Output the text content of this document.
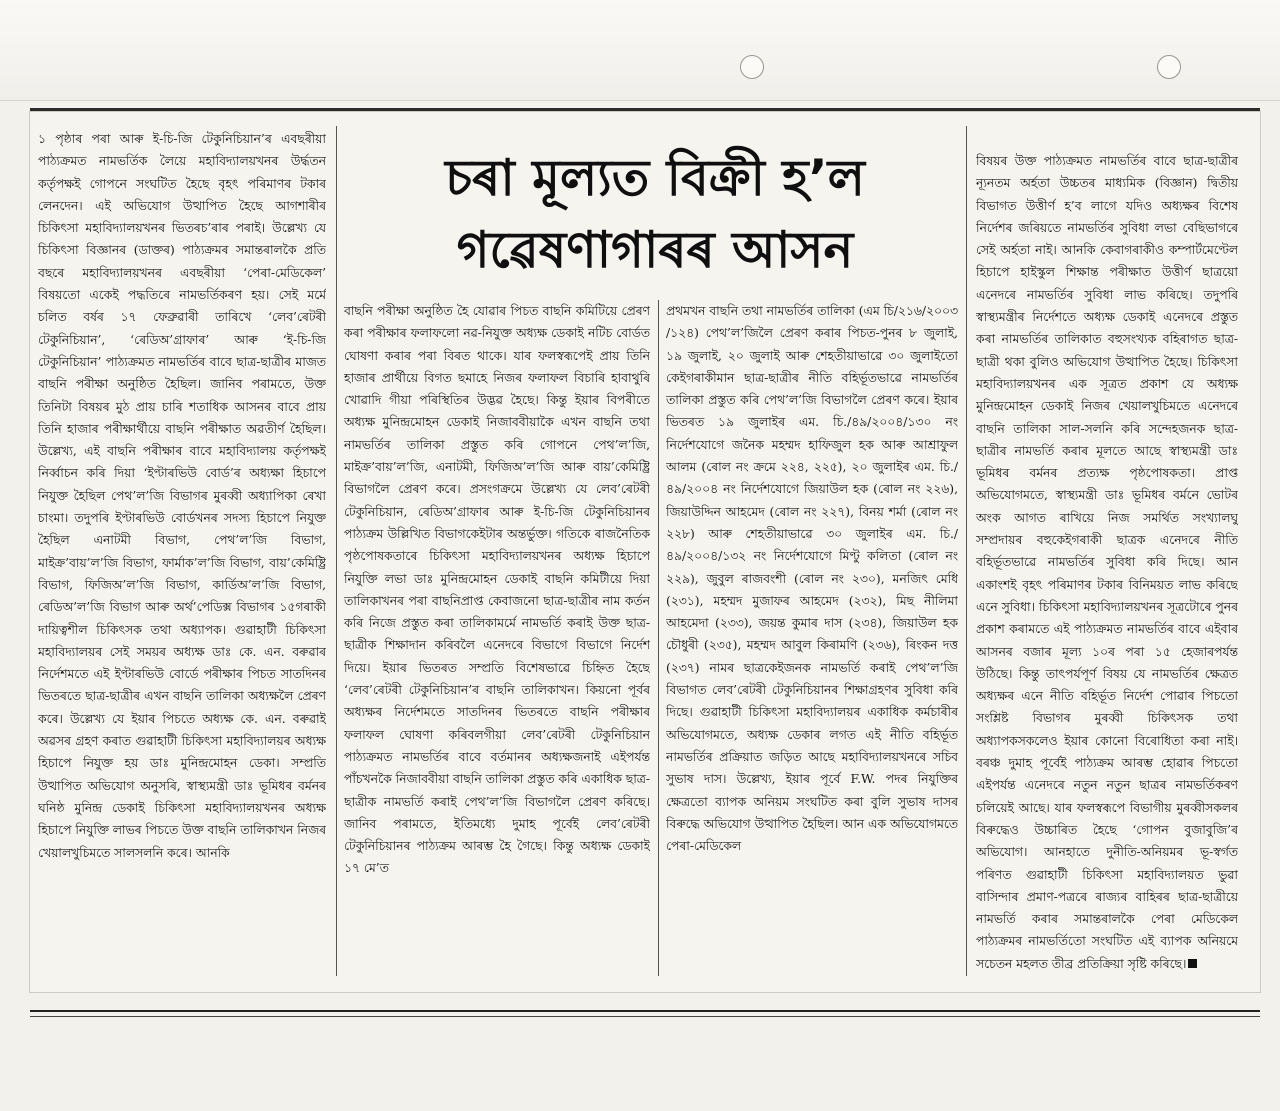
চৰা মূল্যত বিক্ৰী হ’ল
গৱেষণাগাৰৰ আসন

১ পৃষ্ঠাৰ পৰা আৰু ই-চি-জি টেকুনিচিয়ান’ৰ এবছৰীয়া পাঠ্যক্ৰমত নামভৰ্তিক লৈয়ে মহাবিদ্যালয়খনৰ উৰ্দ্ধতন কৰ্তৃপক্ষই গোপনে সংঘটিত হৈছে বৃহৎ পৰিমাণৰ টকাৰ লেনদেন। এই অভিযোগ উত্থাপিত হৈছে আগশাৰীৰ চিকিৎসা মহাবিদ্যালয়খনৰ ভিতৰচ’ৰাৰ পৰাই। উল্লেখ্য যে চিকিৎসা বিজ্ঞানৰ (ডাক্তৰ) পাঠ্যক্ৰমৰ সমান্তৰালকৈ প্ৰতি বছৰে মহাবিদ্যালয়খনৰ এবছৰীয়া ‘পেৰা-মেডিকেল’ বিষয়তো একেই পদ্ধতিৰে নামভৰ্তিকৰণ হয়। সেই মৰ্মে চলিত বৰ্ষৰ ১৭ ফেব্ৰুৱাৰী তাৰিখে ‘লেব’ৰেটৰী টেকুনিচিয়ান’, ‘ৰেডিঅ’গ্ৰাফাৰ’ আৰু ‘ই-চি-জি টেকুনিচিয়ান’ পাঠ্যক্ৰমত নামভৰ্তিৰ বাবে ছাত্ৰ-ছাত্ৰীৰ মাজত বাছনি পৰীক্ষা অনুষ্ঠিত হৈছিল। জানিব পৰামতে, উক্ত তিনিটা বিষয়ৰ মুঠ প্ৰায় চাৰি শতাধিক আসনৰ বাবে প্ৰায় তিনি হাজাৰ পৰীক্ষাৰ্থীয়ে বাছনি পৰীক্ষাত অৱতীৰ্ণ হৈছিল। উল্লেখ্য, এই বাছনি পৰীক্ষাৰ বাবে মহাবিদ্যালয় কৰ্তৃপক্ষই নিৰ্ব্বাচন কৰি দিয়া ‘ইণ্টাৰভিউ বোৰ্ড’ৰ অধ্যক্ষা হিচাপে নিযুক্ত হৈছিল পেথ’ল’জি বিভাগৰ মুৰব্বী অধ্যাপিকা ৰেখা চাংমা। তদুপৰি ইণ্টাৰভিউ বোৰ্ডখনৰ সদস্য হিচাপে নিযুক্ত হৈছিল এনাটমী বিভাগ, পেথ’ল’জি বিভাগ, মাইক্ৰ’বায়’ল’জি বিভাগ, ফাৰ্মাক’ল’জি বিভাগ, বায়’কেমিষ্ট্ৰি বিভাগ, ফিজিঅ’ল’জি বিভাগ, কাৰ্ডিঅ’ল’জি বিভাগ, ৰেডিঅ’ল’জি বিভাগ আৰু অৰ্থ’পেডিক্স বিভাগৰ ১৫গৰাকী দায়িত্বশীল চিকিৎসক তথা অধ্যাপক। গুৱাহাটী চিকিৎসা মহাবিদ্যালয়ৰ সেই সময়ৰ অধ্যক্ষ ডাঃ কে. এন. বৰুৱাৰ নিৰ্দেশমতে এই ইণ্টাৰভিউ বোৰ্ডে পৰীক্ষাৰ পিচত সাতদিনৰ ভিতৰতে ছাত্ৰ-ছাত্ৰীৰ এখন বাছনি তালিকা অধ্যক্ষলৈ প্ৰেৰণ কৰে। উল্লেখ্য যে ইয়াৰ পিচতে অধ্যক্ষ কে. এন. বৰুৱাই অৱসৰ গ্ৰহণ কৰাত গুৱাহাটী চিকিৎসা মহাবিদ্যালয়ৰ অধ্যক্ষ হিচাপে নিযুক্ত হয় ডাঃ মুনিন্দ্ৰমোহন ডেকা। সম্প্ৰতি উত্থাপিত অভিযোগ অনুসৰি, স্বাস্থ্যমন্ত্ৰী ডাঃ ভূমিধৰ বৰ্মনৰ ঘনিষ্ঠ মুনিন্দ্ৰ ডেকাই চিকিৎসা মহাবিদ্যালয়খনৰ অধ্যক্ষ হিচাপে নিযুক্তি লাভৰ পিচতে উক্ত বাছনি তালিকাখন নিজৰ খেয়ালখুচিমতে সালসলনি কৰে। আনকি

বাছনি পৰীক্ষা অনুষ্ঠিত হৈ যোৱাৰ পিচত বাছনি কমিটিয়ে প্ৰেৰণ কৰা পৰীক্ষাৰ ফলাফলো নৱ-নিযুক্ত অধ্যক্ষ ডেকাই নটিচ বোৰ্ডত ঘোষণা কৰাৰ পৰা বিৰত থাকে। যাৰ ফলস্বৰূপেই প্ৰায় তিনি হাজাৰ প্ৰাৰ্থীয়ে বিগত ছমাহে নিজৰ ফলাফল বিচাৰি হাবাথুৰি খোৱাদি গীয়া পৰিস্থিতিৰ উদ্ভৱ হৈছে। কিন্তু ইয়াৰ বিপৰীতে অধ্যক্ষ মুনিন্দ্ৰমোহন ডেকাই নিজাববীয়াকৈ এখন বাছনি তথা নামভৰ্তিৰ তালিকা প্ৰস্তুত কৰি গোপনে পেথ’ল’জি, মাইক্ৰ’বায়’ল’জি, এনাটমী, ফিজিঅ’ল’জি আৰু বায়’কেমিষ্ট্ৰি বিভাগলৈ প্ৰেৰণ কৰে। প্ৰসংগক্ৰমে উল্লেখ্য যে লেব’ৰেটৰী টেকুনিচিয়ান, ৰেডিঅ’গ্ৰাফাৰ আৰু ই-চি-জি টেকুনিচিয়ানৰ পাঠ্যক্ৰম উল্লিখিত বিভাগকেইটাৰ অন্তৰ্ভুক্ত। গতিকে ৰাজনৈতিক পৃষ্ঠপোষকতাৰে চিকিৎসা মহাবিদ্যালয়খনৰ অধ্যক্ষ হিচাপে নিযুক্তি লভা ডাঃ মুনিন্দ্ৰমোহন ডেকাই বাছনি কমিটীয়ে দিয়া তালিকাখনৰ পৰা বাছনিপ্ৰাপ্ত কেবাজনো ছাত্ৰ-ছাত্ৰীৰ নাম কৰ্তন কৰি নিজে প্ৰস্তুত কৰা তালিকামৰ্মে নামভৰ্তি কৰাই উক্ত ছাত্ৰ-ছাত্ৰীক শিক্ষাদান কৰিবলৈ এনেদৰে বিভাগে বিভাগে নিৰ্দেশ দিয়ে। ইয়াৰ ভিতৰত সম্প্ৰতি বিশেষভাৱে চিহ্নিত হৈছে ‘লেব’ৰেটৰী টেকুনিচিয়ান’ৰ বাছনি তালিকাখন। কিয়নো পূৰ্বৰ অধ্যক্ষৰ নিৰ্দেশমতে সাতদিনৰ ভিতৰতে বাছনি পৰীক্ষাৰ ফলাফল ঘোষণা কৰিবলগীয়া লেব’ৰেটৰী টেকুনিচিয়ান পাঠ্যক্ৰমত নামভৰ্তিৰ বাবে বৰ্তমানৰ অধ্যক্ষজনাই এইপৰ্যন্ত পাঁচখনকৈ নিজাববীয়া বাছনি তালিকা প্ৰস্তুত কৰি একাধিক ছাত্ৰ-ছাত্ৰীক নামভৰ্তি কৰাই পেথ’ল’জি বিভাগলৈ প্ৰেৰণ কৰিছে। জানিব পৰামতে, ইতিমধ্যে দুমাহ পূৰ্বেই লেব’ৰেটৰী টেকুনিচিয়ানৰ পাঠ্যক্ৰম আৰম্ভ হৈ গৈছে। কিন্তু অধ্যক্ষ ডেকাই ১৭ মে’ত

প্ৰথমখন বাছনি তথা নামভৰ্তিৰ তালিকা (এম চি/২১৬/২০০৩ /১২৪) পেথ’ল’জিলৈ প্ৰেৰণ কৰাৰ পিচত-পুনৰ ৮ জুলাই, ১৯ জুলাই, ২০ জুলাই আৰু শেহতীয়াভাৱে ৩০ জুলাইতো কেইগৰাকীমান ছাত্ৰ-ছাত্ৰীৰ নীতি বহিৰ্ভূতভাৱে নামভৰ্তিৰ তালিকা প্ৰস্তুত কৰি পেথ’ল’জি বিভাগলৈ প্ৰেৰণ কৰে। ইয়াৰ ভিতৰত ১৯ জুলাইৰ এম. চি./৪৯/২০০৪/১৩০ নং নিৰ্দেশযোগে জনৈক মহম্মদ হাফিজুল হক আৰু আশ্ৰাফুল আলম (ৰোল নং ক্ৰমে ২২৪, ২২৫), ২০ জুলাইৰ এম. চি./৪৯/২০০৪ নং নিৰ্দেশযোগে জিয়াউল হক (ৰোল নং ২২৬), জিয়াউদ্দিন আহমেদ (ৰোল নং ২২৭), বিনয় শৰ্মা (ৰোল নং ২২৮) আৰু শেহতীয়াভাৱে ৩০ জুলাইৰ এম. চি./৪৯/২০০৪/১৩২ নং নিৰ্দেশযোগে মিণ্টু কলিতা (ৰোল নং ২২৯), জুবুল ৰাজবংশী (ৰোল নং ২৩০), মনজিৎ মেধি (২৩১), মহম্মদ মুজাফৰ আহমেদ (২৩২), মিছ নীলিমা আহমেদা (২৩৩), জয়ন্ত কুমাৰ দাস (২৩৪), জিয়াউল হক চৌধুৰী (২৩৫), মহম্মদ আবুল কিৰামণি (২৩৬), ৰিংকন দত্ত (২৩৭) নামৰ ছাত্ৰকেইজনক নামভৰ্তি কৰাই পেথ’ল’জি বিভাগত লেব’ৰেটৰী টেকুনিচিয়ানৰ শিক্ষাগ্ৰহণৰ সুবিধা কৰি দিছে। গুৱাহাটী চিকিৎসা মহাবিদ্যালয়ৰ একাধিক কৰ্মচাৰীৰ অভিযোগমতে, অধ্যক্ষ ডেকাৰ লগত এই নীতি বহিৰ্ভূত নামভৰ্তিৰ প্ৰক্ৰিয়াত জড়িত আছে মহাবিদ্যালয়খনৰে সচিব সুভাষ দাস। উল্লেখ্য, ইয়াৰ পূৰ্বে F.W. পদৰ নিযুক্তিৰ ক্ষেত্ৰতো ব্যাপক অনিয়ম সংঘটিত কৰা বুলি সুভাষ দাসৰ বিৰুদ্ধে অভিযোগ উত্থাপিত হৈছিল। আন এক অভিযোগমতে পেৰা-মেডিকেল

বিষয়ৰ উক্ত পাঠ্যক্ৰমত নামভৰ্তিৰ বাবে ছাত্ৰ-ছাত্ৰীৰ ন্যূনতম অৰ্হতা উচ্চতৰ মাধ্যমিক (বিজ্ঞান) দ্বিতীয় বিভাগত উত্তীৰ্ণ হ’ব লাগে যদিও অধ্যক্ষৰ বিশেষ নিৰ্দেশৰ জৰিয়তে নামভৰ্তিৰ সুবিধা লভা বেছিভাগৰে সেই অৰ্হতা নাই। আনকি কেবাগৰাকীও কম্পাৰ্টমেণ্টেল হিচাপে হাইস্কুল শিক্ষান্ত পৰীক্ষাত উত্তীৰ্ণ ছাত্ৰয়ো এনেদৰে নামভৰ্তিৰ সুবিধা লাভ কৰিছে। তদুপৰি স্বাস্থ্যমন্ত্ৰীৰ নিৰ্দেশতে অধ্যক্ষ ডেকাই এনেদৰে প্ৰস্তুত কৰা নামভৰ্তিৰ তালিকাত বহুসংখ্যক বহিৰাগত ছাত্ৰ-ছাত্ৰী থকা বুলিও অভিযোগ উত্থাপিত হৈছে। চিকিৎসা মহাবিদ্যালয়খনৰ এক সূত্ৰত প্ৰকাশ যে অধ্যক্ষ মুনিন্দ্ৰমোহন ডেকাই নিজৰ খেয়ালখুচিমতে এনেদৰে বাছনি তালিকা সাল-সলনি কৰি সন্দেহজনক ছাত্ৰ-ছাত্ৰীৰ নামভৰ্তি কৰাৰ মূলতে আছে স্বাস্থ্যমন্ত্ৰী ডাঃ ভূমিধৰ বৰ্মনৰ প্ৰত্যক্ষ পৃষ্ঠপোষকতা। প্ৰাপ্ত অভিযোগমতে, স্বাস্থ্যমন্ত্ৰী ডাঃ ভূমিধৰ বৰ্মনে ভোটৰ অংক আগত ৰাখিয়ে নিজ সমৰ্থিত সংখ্যালঘু সম্প্ৰদায়ৰ বহুকেইগৰাকী ছাত্ৰক এনেদৰে নীতি বহিৰ্ভূতভাৱে নামভৰ্তিৰ সুবিধা কৰি দিছে। আন একাংশই বৃহৎ পৰিমাণৰ টকাৰ বিনিময়ত লাভ কৰিছে এনে সুবিধা। চিকিৎসা মহাবিদ্যালয়খনৰ সূত্ৰটোৰে পুনৰ প্ৰকাশ কৰামতে এই পাঠ্যক্ৰমত নামভৰ্তিৰ বাবে এইবাৰ আসনৰ বজাৰ মূল্য ১০ৰ পৰা ১৫ হেজাৰপৰ্যন্ত উঠিছে। কিন্তু তাৎপৰ্যপূৰ্ণ বিষয় যে নামভৰ্তিৰ ক্ষেত্ৰত অধ্যক্ষৰ এনে নীতি বহিৰ্ভূত নিৰ্দেশ পোৱাৰ পিচতো সংশ্লিষ্ট বিভাগৰ মুৰব্বী চিকিৎসক তথা অধ্যাপকসকলেও ইয়াৰ কোনো বিৰোধিতা কৰা নাই। বৰঞ্চ দুমাহ পূৰ্বেই পাঠ্যক্ৰম আৰম্ভ হোৱাৰ পিচতো এইপৰ্যন্ত এনেদৰে নতুন নতুন ছাত্ৰৰ নামভৰ্তিকৰণ চলিয়েই আছে। যাৰ ফলস্বৰূপে বিভাগীয় মুৰব্বীসকলৰ বিৰুদ্ধেও উচ্চাৰিত হৈছে ‘গোপন বুজাবুজি’ৰ অভিযোগ। আনহাতে দুনীতি-অনিয়মৰ ভূ-স্বৰ্গত পৰিণত গুৱাহাটী চিকিৎসা মহাবিদ্যালয়ত ভুৱা বাসিন্দাৰ প্ৰমাণ-পত্ৰৰে ৰাজ্যৰ বাহিৰৰ ছাত্ৰ-ছাত্ৰীয়ে নামভৰ্তি কৰাৰ সমান্তৰালকৈ পেৰা মেডিকেল পাঠ্যক্ৰমৰ নামভৰ্তিতো সংঘটিত এই ব্যাপক অনিয়মে সচেতন মহলত তীব্ৰ প্ৰতিক্ৰিয়া সৃষ্টি কৰিছে।
